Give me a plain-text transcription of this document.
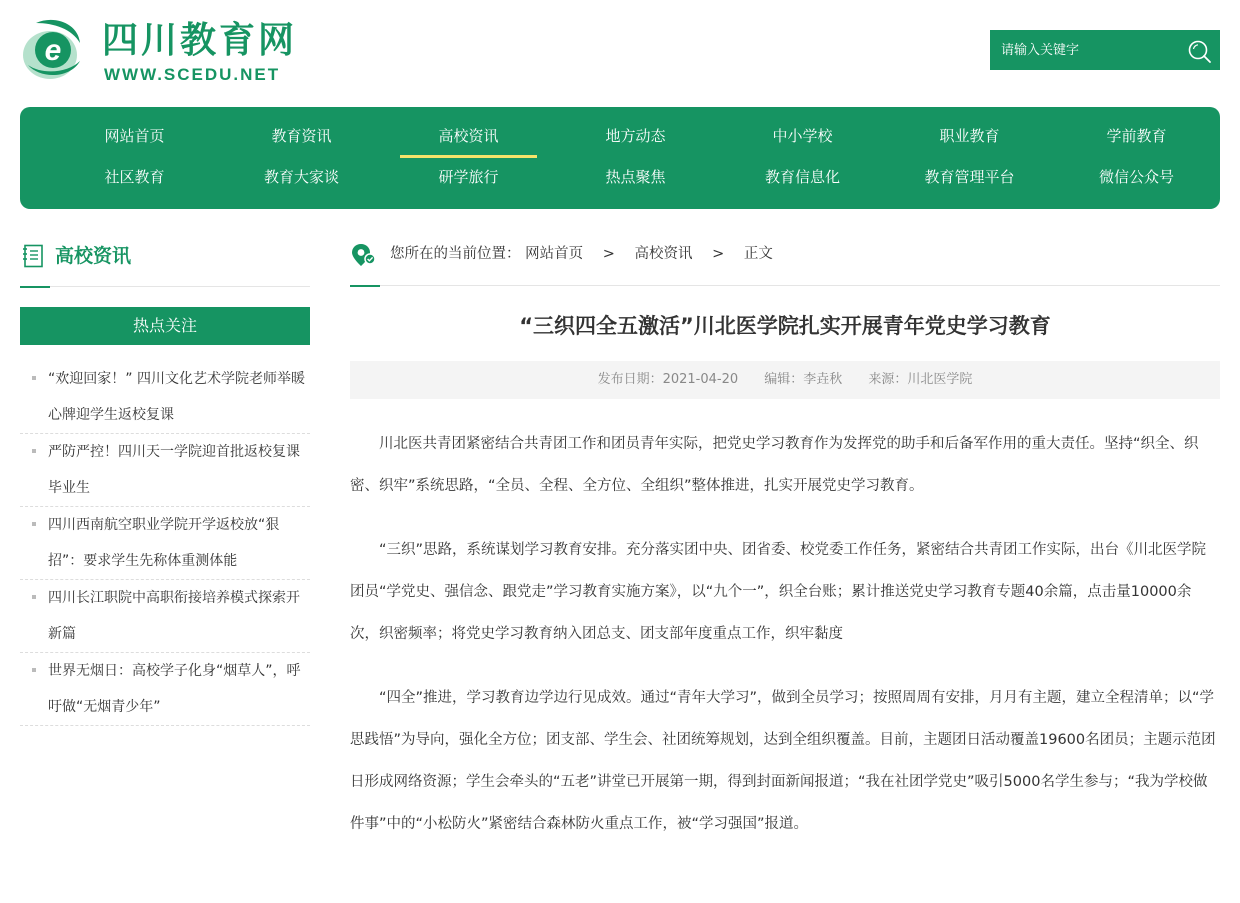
e 四川教育网
WWW.SCEDU.NET
请输入关键字
网站首页	教育资讯	高校资讯	地方动态	中小学校	职业教育	学前教育
社区教育	教育大家谈	研学旅行	热点聚焦	教育信息化	教育管理平台	微信公众号
高校资讯
热点关注
“欢迎回家！” 四川文化艺术学院老师举暖心牌迎学生返校复课
严防严控！四川天一学院迎首批返校复课毕业生
四川西南航空职业学院开学返校放“狠招”：要求学生先称体重测体能
四川长江职院中高职衔接培养模式探索开新篇
世界无烟日：高校学子化身“烟草人”，呼吁做“无烟青少年”
您所在的当前位置： 网站首页 > 高校资讯 > 正文
“三织四全五激活”川北医学院扎实开展青年党史学习教育
发布日期：2021-04-20 编辑：李垚秋 来源：川北医学院

川北医共青团紧密结合共青团工作和团员青年实际，把党史学习教育作为发挥党的助手和后备军作用的重大责任。坚持“织全、织密、织牢”系统思路，“全员、全程、全方位、全组织”整体推进，扎实开展党史学习教育。

“三织”思路，系统谋划学习教育安排。充分落实团中央、团省委、校党委工作任务，紧密结合共青团工作实际，出台《川北医学院团员“学党史、强信念、跟党走”学习教育实施方案》，以“九个一”，织全台账；累计推送党史学习教育专题40余篇，点击量10000余次，织密频率；将党史学习教育纳入团总支、团支部年度重点工作，织牢黏度

“四全”推进，学习教育边学边行见成效。通过“青年大学习”，做到全员学习；按照周周有安排，月月有主题，建立全程清单；以“学思践悟”为导向，强化全方位；团支部、学生会、社团统筹规划，达到全组织覆盖。目前，主题团日活动覆盖19600名团员；主题示范团日形成网络资源；学生会牵头的“五老”讲堂已开展第一期，得到封面新闻报道；“我在社团学党史”吸引5000名学生参与；“我为学校做件事”中的“小松防火”紧密结合森林防火重点工作，被“学习强国”报道。
